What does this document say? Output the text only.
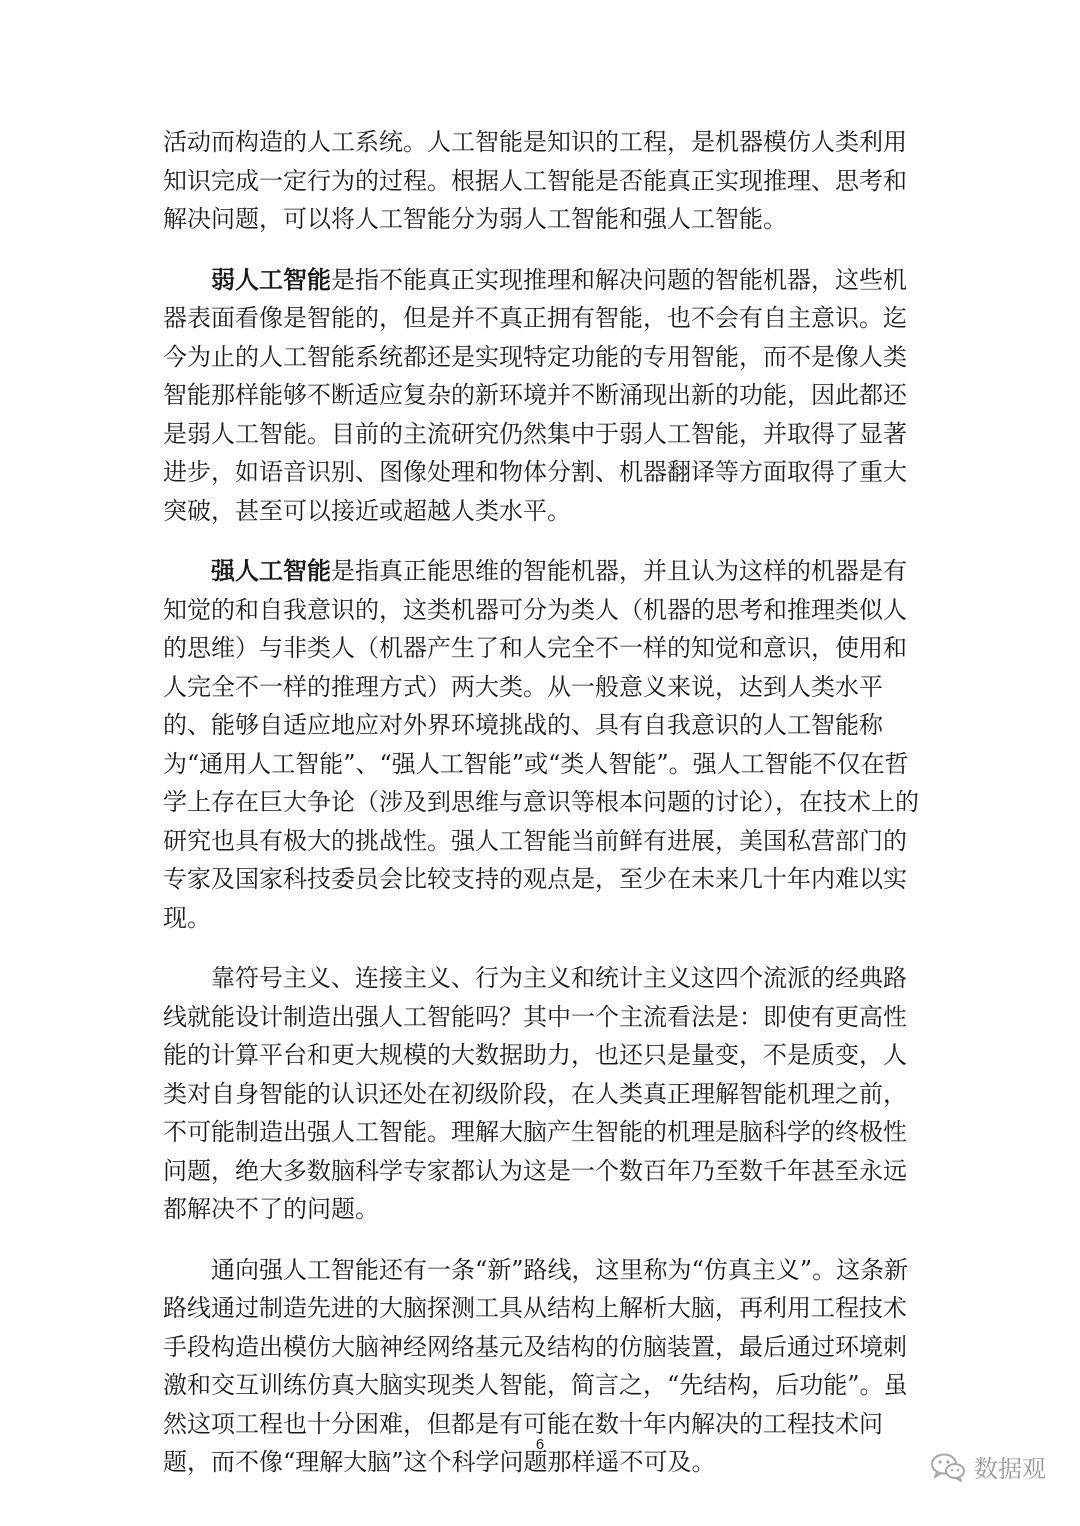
活动而构造的人工系统。人工智能是知识的工程，是机器模仿人类利用知识完成一定行为的过程。根据人工智能是否能真正实现推理、思考和解决问题，可以将人工智能分为弱人工智能和强人工智能。

弱人工智能是指不能真正实现推理和解决问题的智能机器，这些机器表面看像是智能的，但是并不真正拥有智能，也不会有自主意识。迄今为止的人工智能系统都还是实现特定功能的专用智能，而不是像人类智能那样能够不断适应复杂的新环境并不断涌现出新的功能，因此都还是弱人工智能。目前的主流研究仍然集中于弱人工智能，并取得了显著进步，如语音识别、图像处理和物体分割、机器翻译等方面取得了重大突破，甚至可以接近或超越人类水平。

强人工智能是指真正能思维的智能机器，并且认为这样的机器是有知觉的和自我意识的，这类机器可分为类人（机器的思考和推理类似人的思维）与非类人（机器产生了和人完全不一样的知觉和意识，使用和人完全不一样的推理方式）两大类。从一般意义来说，达到人类水平的、能够自适应地应对外界环境挑战的、具有自我意识的人工智能称为“通用人工智能”、“强人工智能”或“类人智能”。强人工智能不仅在哲学上存在巨大争论（涉及到思维与意识等根本问题的讨论），在技术上的研究也具有极大的挑战性。强人工智能当前鲜有进展，美国私营部门的专家及国家科技委员会比较支持的观点是，至少在未来几十年内难以实现。

靠符号主义、连接主义、行为主义和统计主义这四个流派的经典路线就能设计制造出强人工智能吗？其中一个主流看法是：即使有更高性能的计算平台和更大规模的大数据助力，也还只是量变，不是质变，人类对自身智能的认识还处在初级阶段，在人类真正理解智能机理之前，不可能制造出强人工智能。理解大脑产生智能的机理是脑科学的终极性问题，绝大多数脑科学专家都认为这是一个数百年乃至数千年甚至永远都解决不了的问题。

通向强人工智能还有一条“新”路线，这里称为“仿真主义”。这条新路线通过制造先进的大脑探测工具从结构上解析大脑，再利用工程技术手段构造出模仿大脑神经网络基元及结构的仿脑装置，最后通过环境刺激和交互训练仿真大脑实现类人智能，简言之，“先结构，后功能”。虽然这项工程也十分困难，但都是有可能在数十年内解决的工程技术问题，而不像“理解大脑”这个科学问题那样遥不可及。

6
数据观
